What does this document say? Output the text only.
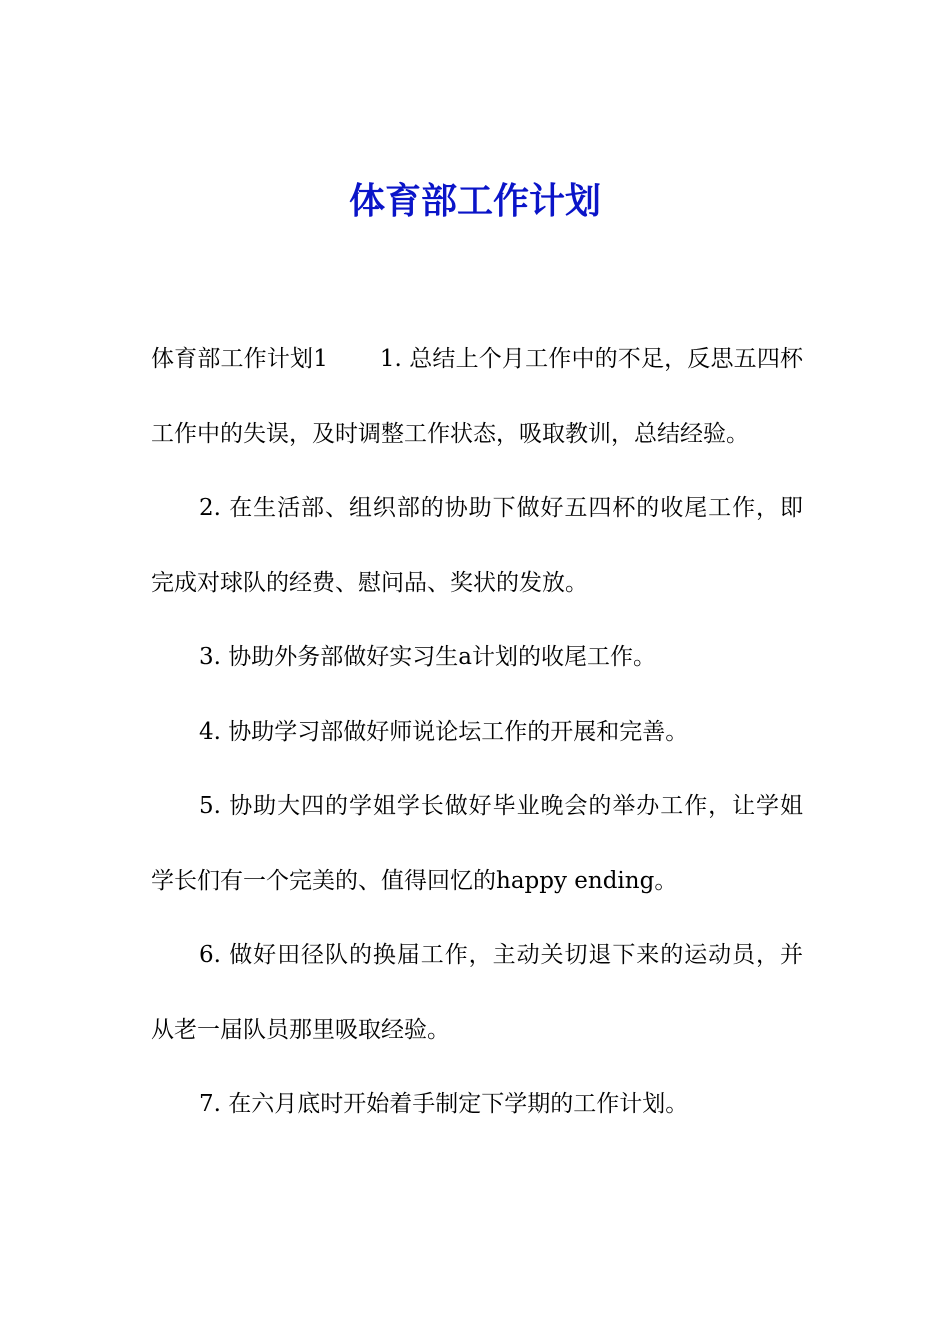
体育部工作计划

体育部工作计划1 1. 总结上个月工作中的不足，反思五四杯工作中的失误，及时调整工作状态，吸取教训，总结经验。

2. 在生活部、组织部的协助下做好五四杯的收尾工作，即完成对球队的经费、慰问品、奖状的发放。

3. 协助外务部做好实习生a计划的收尾工作。

4. 协助学习部做好师说论坛工作的开展和完善。

5. 协助大四的学姐学长做好毕业晚会的举办工作，让学姐学长们有一个完美的、值得回忆的happy ending。

6. 做好田径队的换届工作，主动关切退下来的运动员，并从老一届队员那里吸取经验。

7. 在六月底时开始着手制定下学期的工作计划。
